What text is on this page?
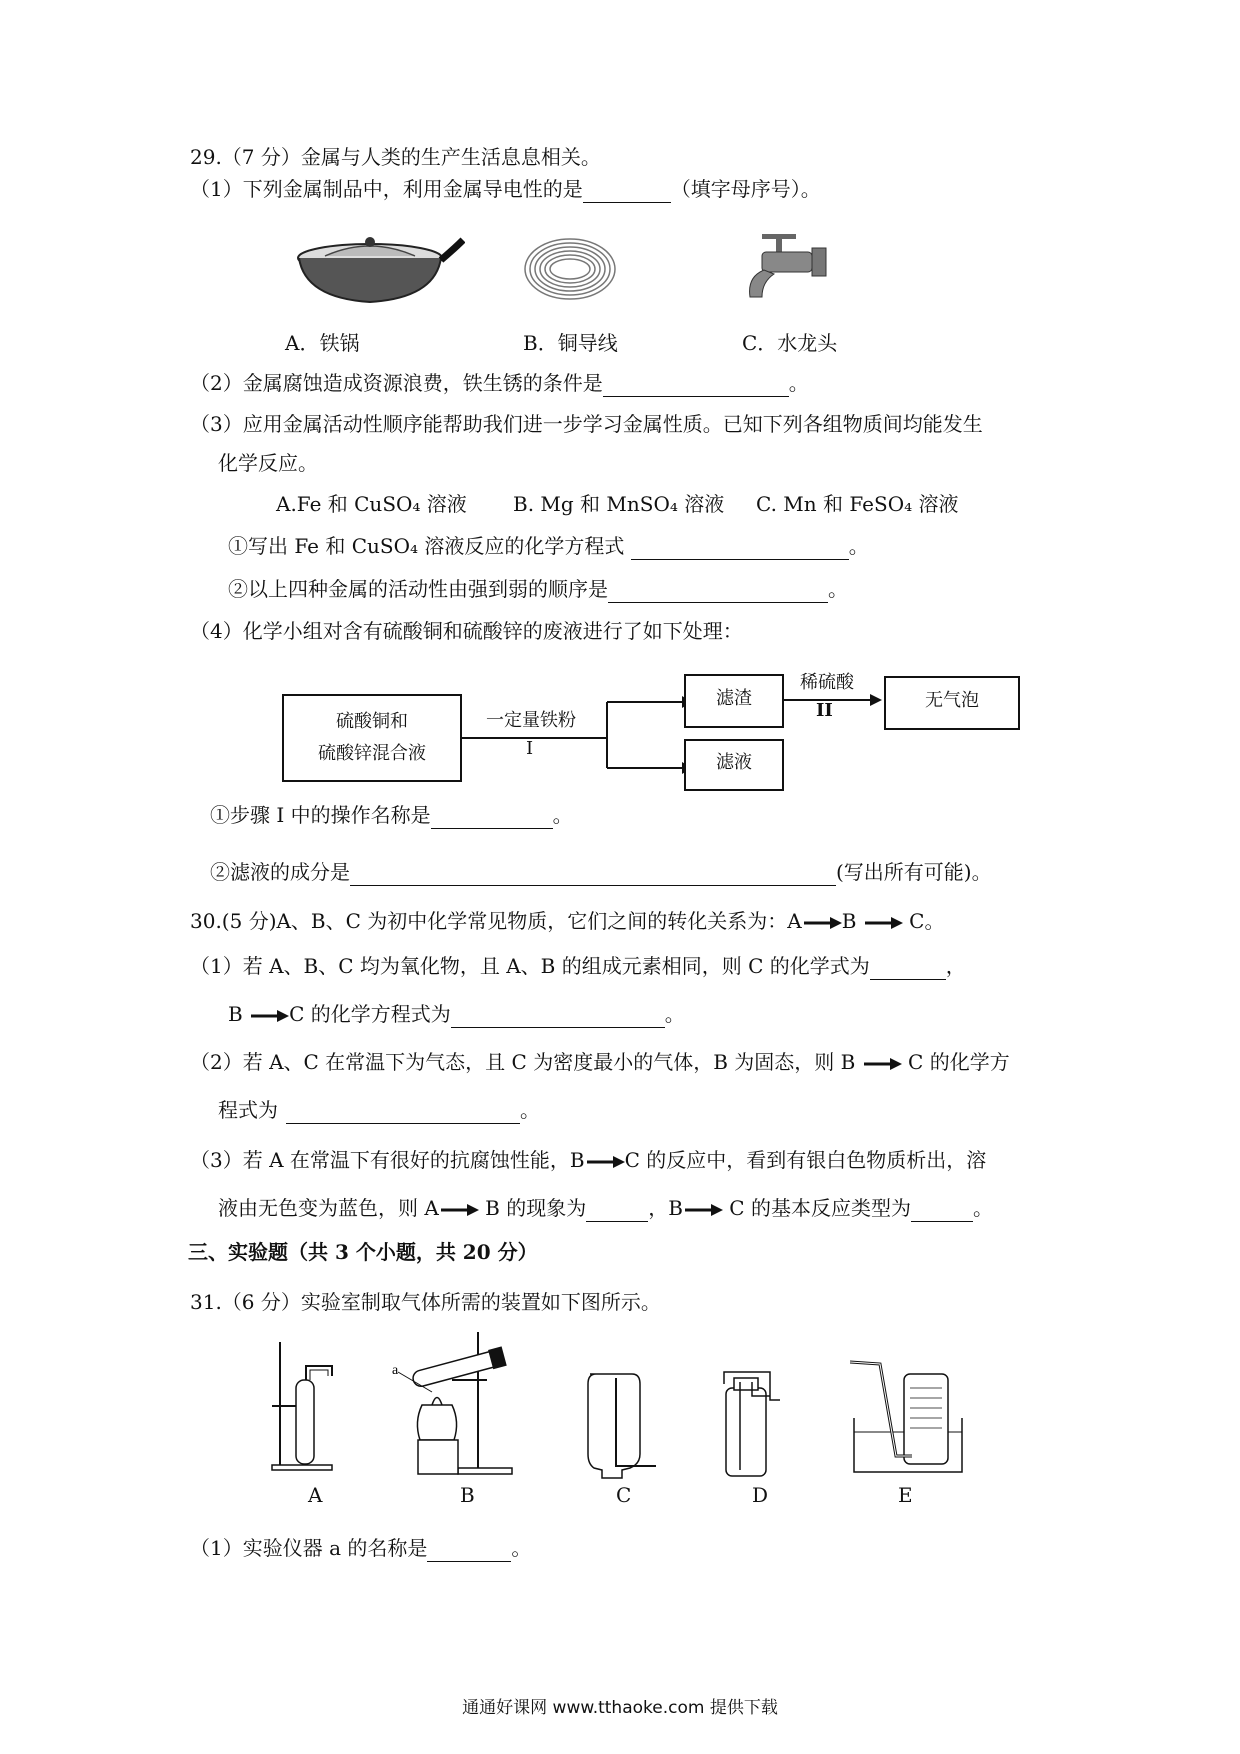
29.（7 分）金属与人类的生产生活息息相关。
（1）下列金属制品中，利用金属导电性的是	（填字母序号）。
A．铁锅	B．铜导线	C．水龙头
（2）金属腐蚀造成资源浪费，铁生锈的条件是	。
（3）应用金属活动性顺序能帮助我们进一步学习金属性质。已知下列各组物质间均能发生
化学反应。
A.Fe 和 CuSO₄ 溶液 B. Mg 和 MnSO₄ 溶液 C. Mn 和 FeSO₄ 溶液
①写出 Fe 和 CuSO₄ 溶液反应的化学方程式	。
②以上四种金属的活动性由强到弱的顺序是	。
（4）化学小组对含有硫酸铜和硫酸锌的废液进行了如下处理：
硫酸铜和
硫酸锌混合液
一定量铁粉
I
滤渣
稀硫酸
II	无气泡
滤液
①步骤 I 中的操作名称是	。
②滤液的成分是	(写出所有可能)。
30.(5 分)A、B、C 为初中化学常见物质，它们之间的转化关系为：A B	C。
（1）若 A、B、C 均为氧化物，且 A、B 的组成元素相同，则 C 的化学式为	，
B C 的化学方程式为	。
（2）若 A、C 在常温下为气态，且 C 为密度最小的气体，B 为固态，则 B	C 的化学方
程式为	。
（3）若 A 在常温下有很好的抗腐蚀性能，B C 的反应中，看到有银白色物质析出，溶
液由无色变为蓝色，则 A B 的现象为	，B C 的基本反应类型为	。
三、实验题（共 3 个小题，共 20 分）
31.（6 分）实验室制取气体所需的装置如下图所示。
a
A	B	C	D	E
（1）实验仪器 a 的名称是	。
通通好课网 www.tthaoke.com 提供下载
